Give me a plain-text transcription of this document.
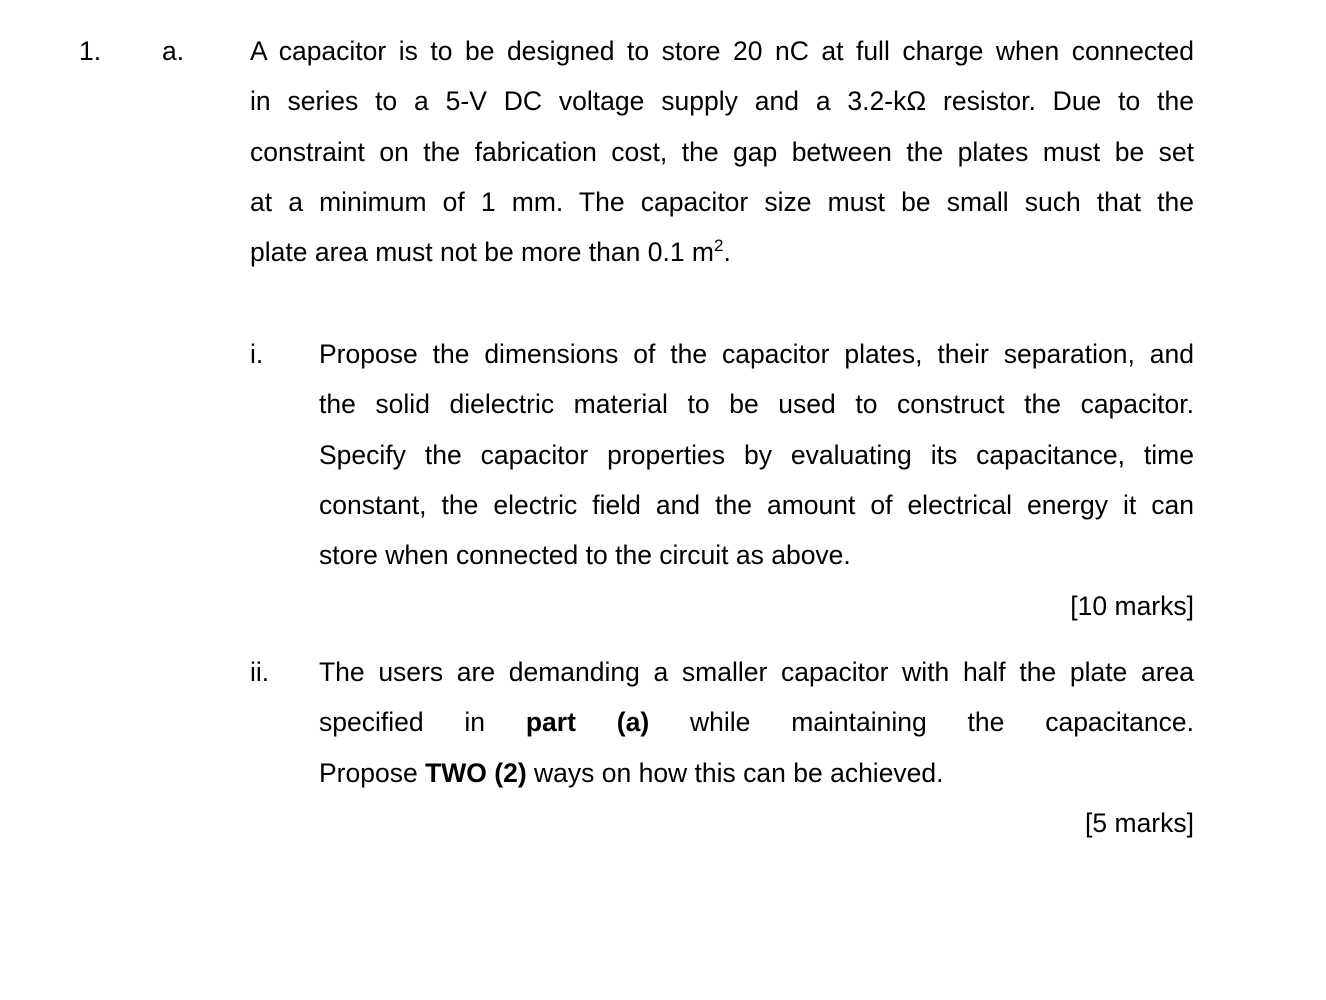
1. a. A capacitor is to be designed to store 20 nC at full charge when connected
in series to a 5-V DC voltage supply and a 3.2-kΩ resistor. Due to the
constraint on the fabrication cost, the gap between the plates must be set
at a minimum of 1 mm. The capacitor size must be small such that the
plate area must not be more than 0.1 $m^2$.
i. Propose the dimensions of the capacitor plates, their separation, and
the solid dielectric material to be used to construct the capacitor.
Specify the capacitor properties by evaluating its capacitance, time
constant, the electric field and the amount of electrical energy it can
store when connected to the circuit as above.
[10 marks]
ii. The users are demanding a smaller capacitor with half the plate area
specified in part (a) while maintaining the capacitance.
Propose TWO (2) ways on how this can be achieved.
[5 marks]
